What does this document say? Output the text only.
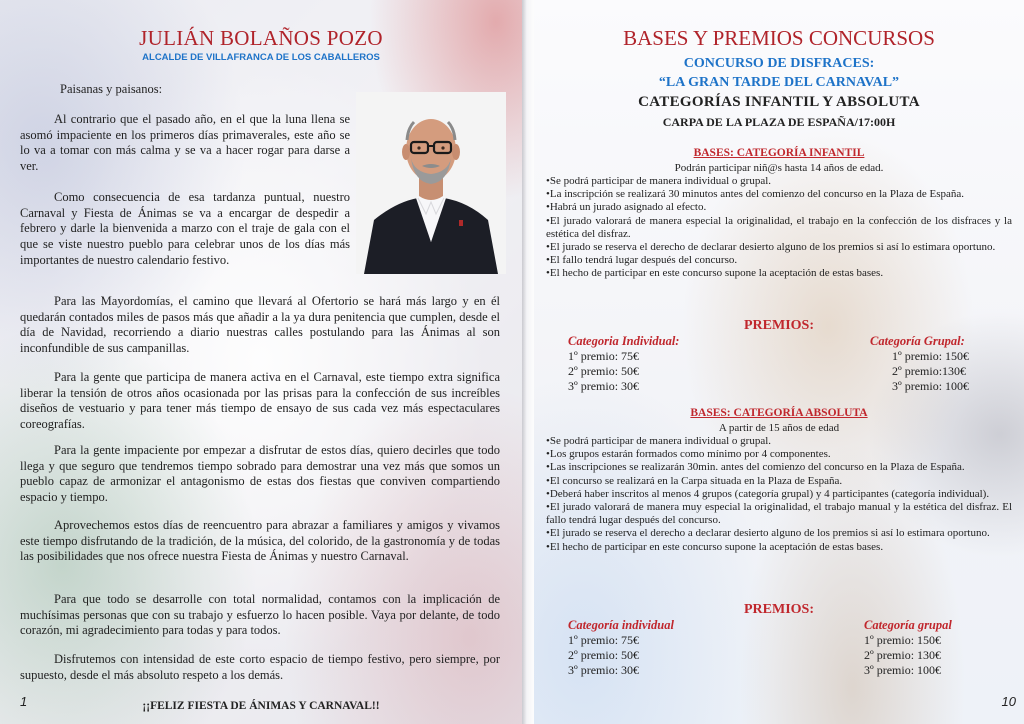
JULIÁN BOLAÑOS POZO
ALCALDE DE VILLAFRANCA DE LOS CABALLEROS
Paisanas y paisanos:

Al contrario que el pasado año, en el que la luna llena se asomó impaciente en los primeros días primaverales, este año se lo va a tomar con más calma y se va a hacer rogar para darse a ver.

Como consecuencia de esa tardanza puntual, nuestro Carnaval y Fiesta de Ánimas se va a encargar de despedir a febrero y darle la bienvenida a marzo con el traje de gala con el que se viste nuestro pueblo para celebrar unos de los días más importantes de nuestro calendario festivo.

Para las Mayordomías, el camino que llevará al Ofertorio se hará más largo y en él quedarán contados miles de pasos más que añadir a la ya dura penitencia que cumplen, desde el día de Navidad, recorriendo a diario nuestras calles postulando para las Ánimas al son inconfundible de sus campanillas.

Para la gente que participa de manera activa en el Carnaval, este tiempo extra significa liberar la tensión de otros años ocasionada por las prisas para la confección de sus increíbles diseños de vestuario y para tener más tiempo de ensayo de sus cada vez más espectaculares coreografías.

Para la gente impaciente por empezar a disfrutar de estos días, quiero decirles que todo llega y que seguro que tendremos tiempo sobrado para demostrar una vez más que somos un pueblo capaz de armonizar el antagonismo de estas dos fiestas que conviven compartiendo espacio y tiempo.

Aprovechemos estos días de reencuentro para abrazar a familiares y amigos y vivamos este tiempo disfrutando de la tradición, de la música, del colorido, de la gastronomía y de todas las posibilidades que nos ofrece nuestra Fiesta de Ánimas y nuestro Carnaval.

Para que todo se desarrolle con total normalidad, contamos con la implicación de muchísimas personas que con su trabajo y esfuerzo lo hacen posible. Vaya por delante, de todo corazón, mi agradecimiento para todas y para todos.

Disfrutemos con intensidad de este corto espacio de tiempo festivo, pero siempre, por supuesto, desde el más absoluto respeto a los demás.

1	¡¡FELIZ FIESTA DE ÁNIMAS Y CARNAVAL!!
BASES Y PREMIOS CONCURSOS
CONCURSO DE DISFRACES:
“LA GRAN TARDE DEL CARNAVAL”
CATEGORÍAS INFANTIL Y ABSOLUTA
CARPA DE LA PLAZA DE ESPAÑA/17:00H
BASES: CATEGORÍA INFANTIL
Podrán participar niñ@s hasta 14 años de edad.
• Se podrá participar de manera individual o grupal.
• La inscripción se realizará 30 minutos antes del comienzo del concurso en la Plaza de España.
• Habrá un jurado asignado al efecto.
• El jurado valorará de manera especial la originalidad, el trabajo en la confección de los disfraces y la estética del disfraz.
• El jurado se reserva el derecho de declarar desierto alguno de los premios si así lo estimara oportuno.
• El fallo tendrá lugar después del concurso.
• El hecho de participar en este concurso supone la aceptación de estas bases.
PREMIOS:
Categoria Individual:
1º premio: 75€
2º premio: 50€
3º premio: 30€
Categoría Grupal:
1º premio: 150€
2º premio:130€
3º premio: 100€
BASES: CATEGORÍA ABSOLUTA
A partir de 15 años de edad
• Se podrá participar de manera individual o grupal.
• Los grupos estarán formados como mínimo por 4 componentes.
• Las inscripciones se realizarán 30min. antes del comienzo del concurso en la Plaza de España.
• El concurso se realizará en la Carpa situada en la Plaza de España.
• Deberá haber inscritos al menos 4 grupos (categoría grupal) y 4 participantes (categoría individual).
• El jurado valorará de manera muy especial la originalidad, el trabajo manual y la estética del disfraz. El fallo tendrá lugar después del concurso.
• El jurado se reserva el derecho a declarar desierto alguno de los premios si así lo estimara oportuno.
• El hecho de participar en este concurso supone la aceptación de estas bases.
PREMIOS:
Categoría individual
1º premio: 75€
2º premio: 50€
3º premio: 30€
Categoría grupal
1º premio: 150€
2º premio: 130€
3º premio: 100€
10
